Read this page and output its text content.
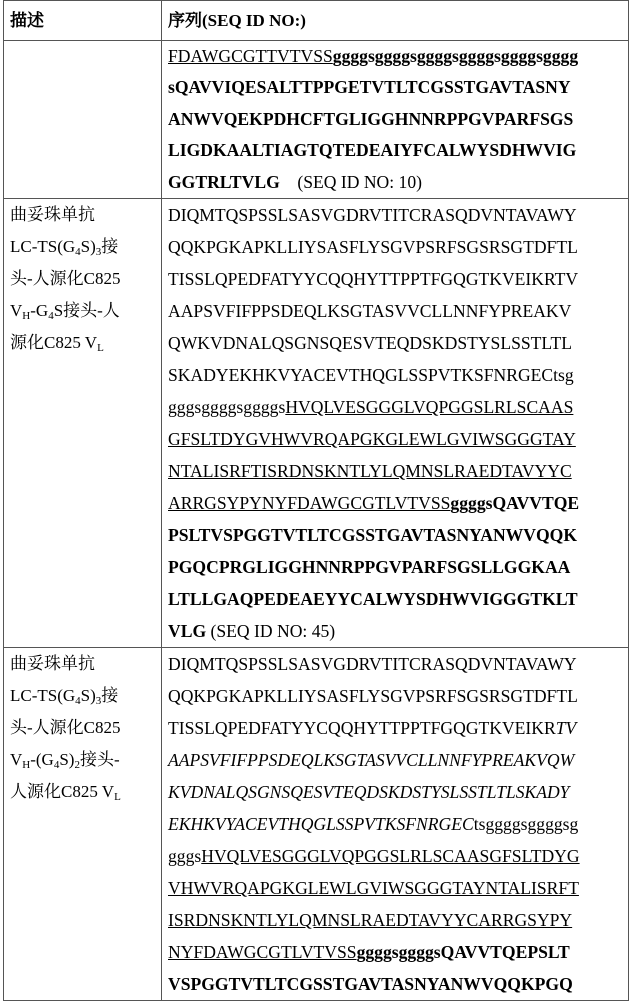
描述	序列(SEQ ID NO:)

FDAWGCGTTVTVSSggggsggggsggggsggggsggggsgggg
sQAVVIQESALTTPPGETVTLTCGSSTGAVTASNY
ANWVQEKPDHCFTGLIGGHNNRPPGVPARFSGS
LIGDKAALTIAGTQTEDEAIYFCALWYSDHWVIG
GGTRLTVLG    (SEQ ID NO: 10)

曲妥珠单抗
LC-TS(G4S)3接
头-人源化C825
VH-G4S接头-人
源化C825 VL

DIQMTQSPSSLSASVGDRVTITCRASQDVNTAVAWY
QQKPGKAPKLLIYSASFLYSGVPSRFSGSRSGTDFTL
TISSLQPEDFATYYCQQHYTTPPTFGQGTKVEIKRTV
AAPSVFIFPPSDEQLKSGTASVVCLLNNFYPREAKV
QWKVDNALQSGNSQESVTEQDSKDSTYSLSSTLTL
SKADYEKHKVYACEVTHQGLSSPVTKSFNRGECtsg
gggsggggsggggsHVQLVESGGGLVQPGGSLRLSCAAS
GFSLTDYGVHWVRQAPGKGLEWLGVIWSGGGTAY
NTALISRFTISRDNSKNTLYLQMNSLRAEDTAVYYC
ARRGSYPYNYFDAWGCGTLVTVSSggggsQAVVTQE
PSLTVSPGGTVTLTCGSSTGAVTASNYANWVQQK
PGQCPRGLIGGHNNRPPGVPARFSGSLLGGKAA
LTLLGAQPEDEAEYYCALWYSDHWVIGGGTKLT
VLG (SEQ ID NO: 45)

曲妥珠单抗
LC-TS(G4S)3接
头-人源化C825
VH-(G4S)2接头-
人源化C825 VL

DIQMTQSPSSLSASVGDRVTITCRASQDVNTAVAWY
QQKPGKAPKLLIYSASFLYSGVPSRFSGSRSGTDFTL
TISSLQPEDFATYYCQQHYTTPPTFGQGTKVEIKRTV
AAPSVFIFPPSDEQLKSGTASVVCLLNNFYPREAKVQW
KVDNALQSGNSQESVTEQDSKDSTYSLSSTLTLSKADY
EKHKVYACEVTHQGLSSPVTKSFNRGECtsggggsggggsg
gggsHVQLVESGGGLVQPGGSLRLSCAASGFSLTDYG
VHWVRQAPGKGLEWLGVIWSGGGTAYNTALISRFT
ISRDNSKNTLYLQMNSLRAEDTAVYYCARRGSYPY
NYFDAWGCGTLVTVSSggggsggggsQAVVTQEPSLT
VSPGGTVTLTCGSSTGAVTASNYANWVQQKPGQ
